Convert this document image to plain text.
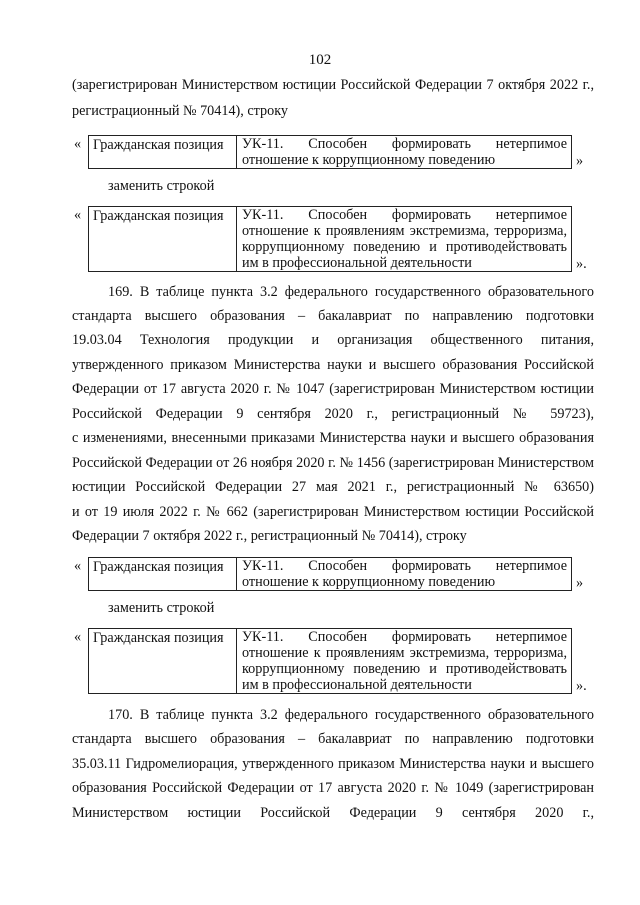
102
(зарегистрирован Министерством юстиции Российской Федерации 7 октября 2022 г.,
регистрационный № 70414), строку
« Гражданская позиция	УК-11. Способен формировать нетерпимое
отношение к коррупционному поведению	»
заменить строкой
« Гражданская позиция	УК-11. Способен формировать нетерпимое
отношение к проявлениям экстремизма, терроризма,
коррупционному поведению и противодействовать
им в профессиональной деятельности	».
169. В таблице пункта 3.2 федерального государственного образовательного
стандарта высшего образования – бакалавриат по направлению подготовки
19.03.04 Технология продукции и организация общественного питания,
утвержденного приказом Министерства науки и высшего образования Российской
Федерации от 17 августа 2020 г. № 1047 (зарегистрирован Министерством юстиции
Российской Федерации 9 сентября 2020 г., регистрационный № 59723),
с изменениями, внесенными приказами Министерства науки и высшего образования
Российской Федерации от 26 ноября 2020 г. № 1456 (зарегистрирован Министерством
юстиции Российской Федерации 27 мая 2021 г., регистрационный № 63650)
и от 19 июля 2022 г. № 662 (зарегистрирован Министерством юстиции Российской
Федерации 7 октября 2022 г., регистрационный № 70414), строку
« Гражданская позиция	УК-11. Способен формировать нетерпимое
отношение к коррупционному поведению	»
заменить строкой
« Гражданская позиция	УК-11. Способен формировать нетерпимое
отношение к проявлениям экстремизма, терроризма,
коррупционному поведению и противодействовать
им в профессиональной деятельности	».
170. В таблице пункта 3.2 федерального государственного образовательного
стандарта высшего образования – бакалавриат по направлению подготовки
35.03.11 Гидромелиорация, утвержденного приказом Министерства науки и высшего
образования Российской Федерации от 17 августа 2020 г. № 1049 (зарегистрирован
Министерством юстиции Российской Федерации 9 сентября 2020 г.,
